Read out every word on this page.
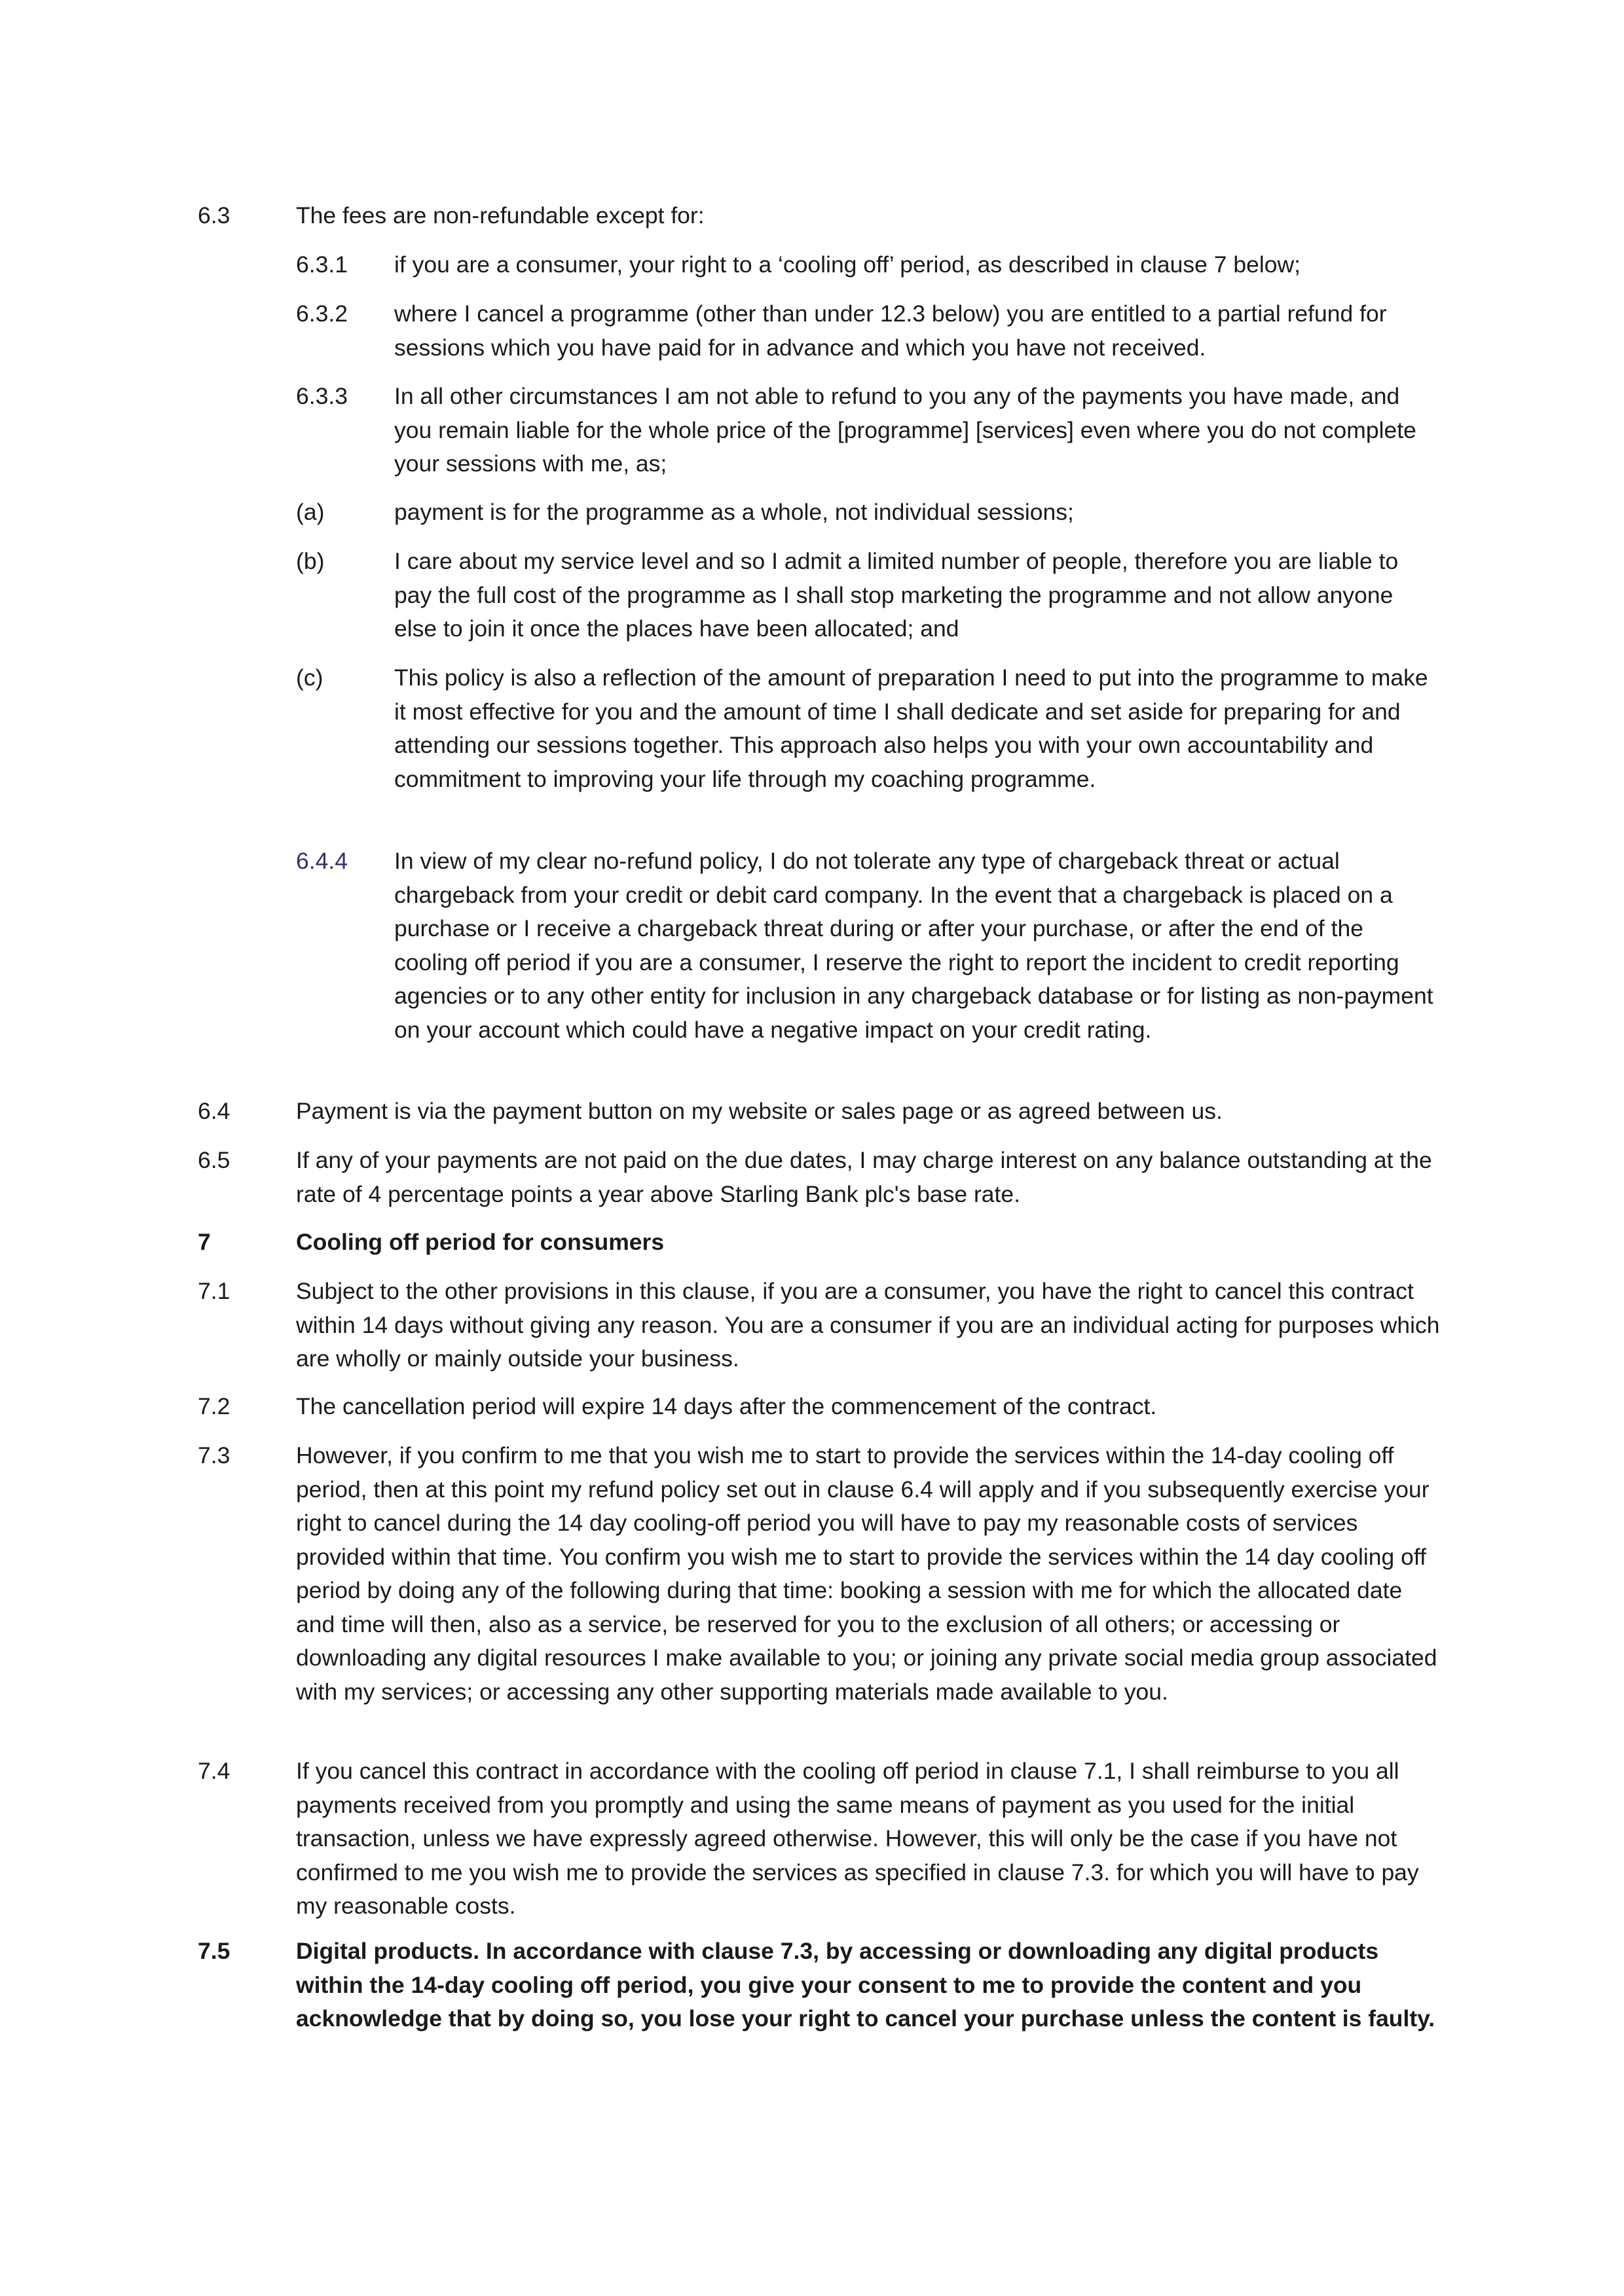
6.3	The fees are non-refundable except for:
6.3.1 if you are a consumer, your right to a ‘cooling off’ period, as described in clause 7 below;
6.3.2 where I cancel a programme (other than under 12.3 below) you are entitled to a partial refund for sessions which you have paid for in advance and which you have not received.
6.3.3 In all other circumstances I am not able to refund to you any of the payments you have made, and you remain liable for the whole price of the [programme] [services] even where you do not complete your sessions with me, as;
(a)	payment is for the programme as a whole, not individual sessions;
(b)	I care about my service level and so I admit a limited number of people, therefore you are liable to pay the full cost of the programme as I shall stop marketing the programme and not allow anyone else to join it once the places have been allocated; and
(c)	This policy is also a reflection of the amount of preparation I need to put into the programme to make it most effective for you and the amount of time I shall dedicate and set aside for preparing for and attending our sessions together. This approach also helps you with your own accountability and commitment to improving your life through my coaching programme.
6.4.4 In view of my clear no-refund policy, I do not tolerate any type of chargeback threat or actual chargeback from your credit or debit card company. In the event that a chargeback is placed on a purchase or I receive a chargeback threat during or after your purchase, or after the end of the cooling off period if you are a consumer, I reserve the right to report the incident to credit reporting agencies or to any other entity for inclusion in any chargeback database or for listing as non-payment on your account which could have a negative impact on your credit rating.
6.4	Payment is via the payment button on my website or sales page or as agreed between us.
6.5	If any of your payments are not paid on the due dates, I may charge interest on any balance outstanding at the rate of 4 percentage points a year above Starling Bank plc's base rate.
7	Cooling off period for consumers
7.1	Subject to the other provisions in this clause, if you are a consumer, you have the right to cancel this contract within 14 days without giving any reason. You are a consumer if you are an individual acting for purposes which are wholly or mainly outside your business.
7.2	The cancellation period will expire 14 days after the commencement of the contract.
7.3	However, if you confirm to me that you wish me to start to provide the services within the 14-day cooling off period, then at this point my refund policy set out in clause 6.4 will apply and if you subsequently exercise your right to cancel during the 14 day cooling-off period you will have to pay my reasonable costs of services provided within that time. You confirm you wish me to start to provide the services within the 14 day cooling off period by doing any of the following during that time: booking a session with me for which the allocated date and time will then, also as a service, be reserved for you to the exclusion of all others; or accessing or downloading any digital resources I make available to you; or joining any private social media group associated with my services; or accessing any other supporting materials made available to you.
7.4	If you cancel this contract in accordance with the cooling off period in clause 7.1, I shall reimburse to you all payments received from you promptly and using the same means of payment as you used for the initial transaction, unless we have expressly agreed otherwise. However, this will only be the case if you have not confirmed to me you wish me to provide the services as specified in clause 7.3. for which you will have to pay my reasonable costs.
7.5	Digital products. In accordance with clause 7.3, by accessing or downloading any digital products within the 14-day cooling off period, you give your consent to me to provide the content and you acknowledge that by doing so, you lose your right to cancel your purchase unless the content is faulty.
